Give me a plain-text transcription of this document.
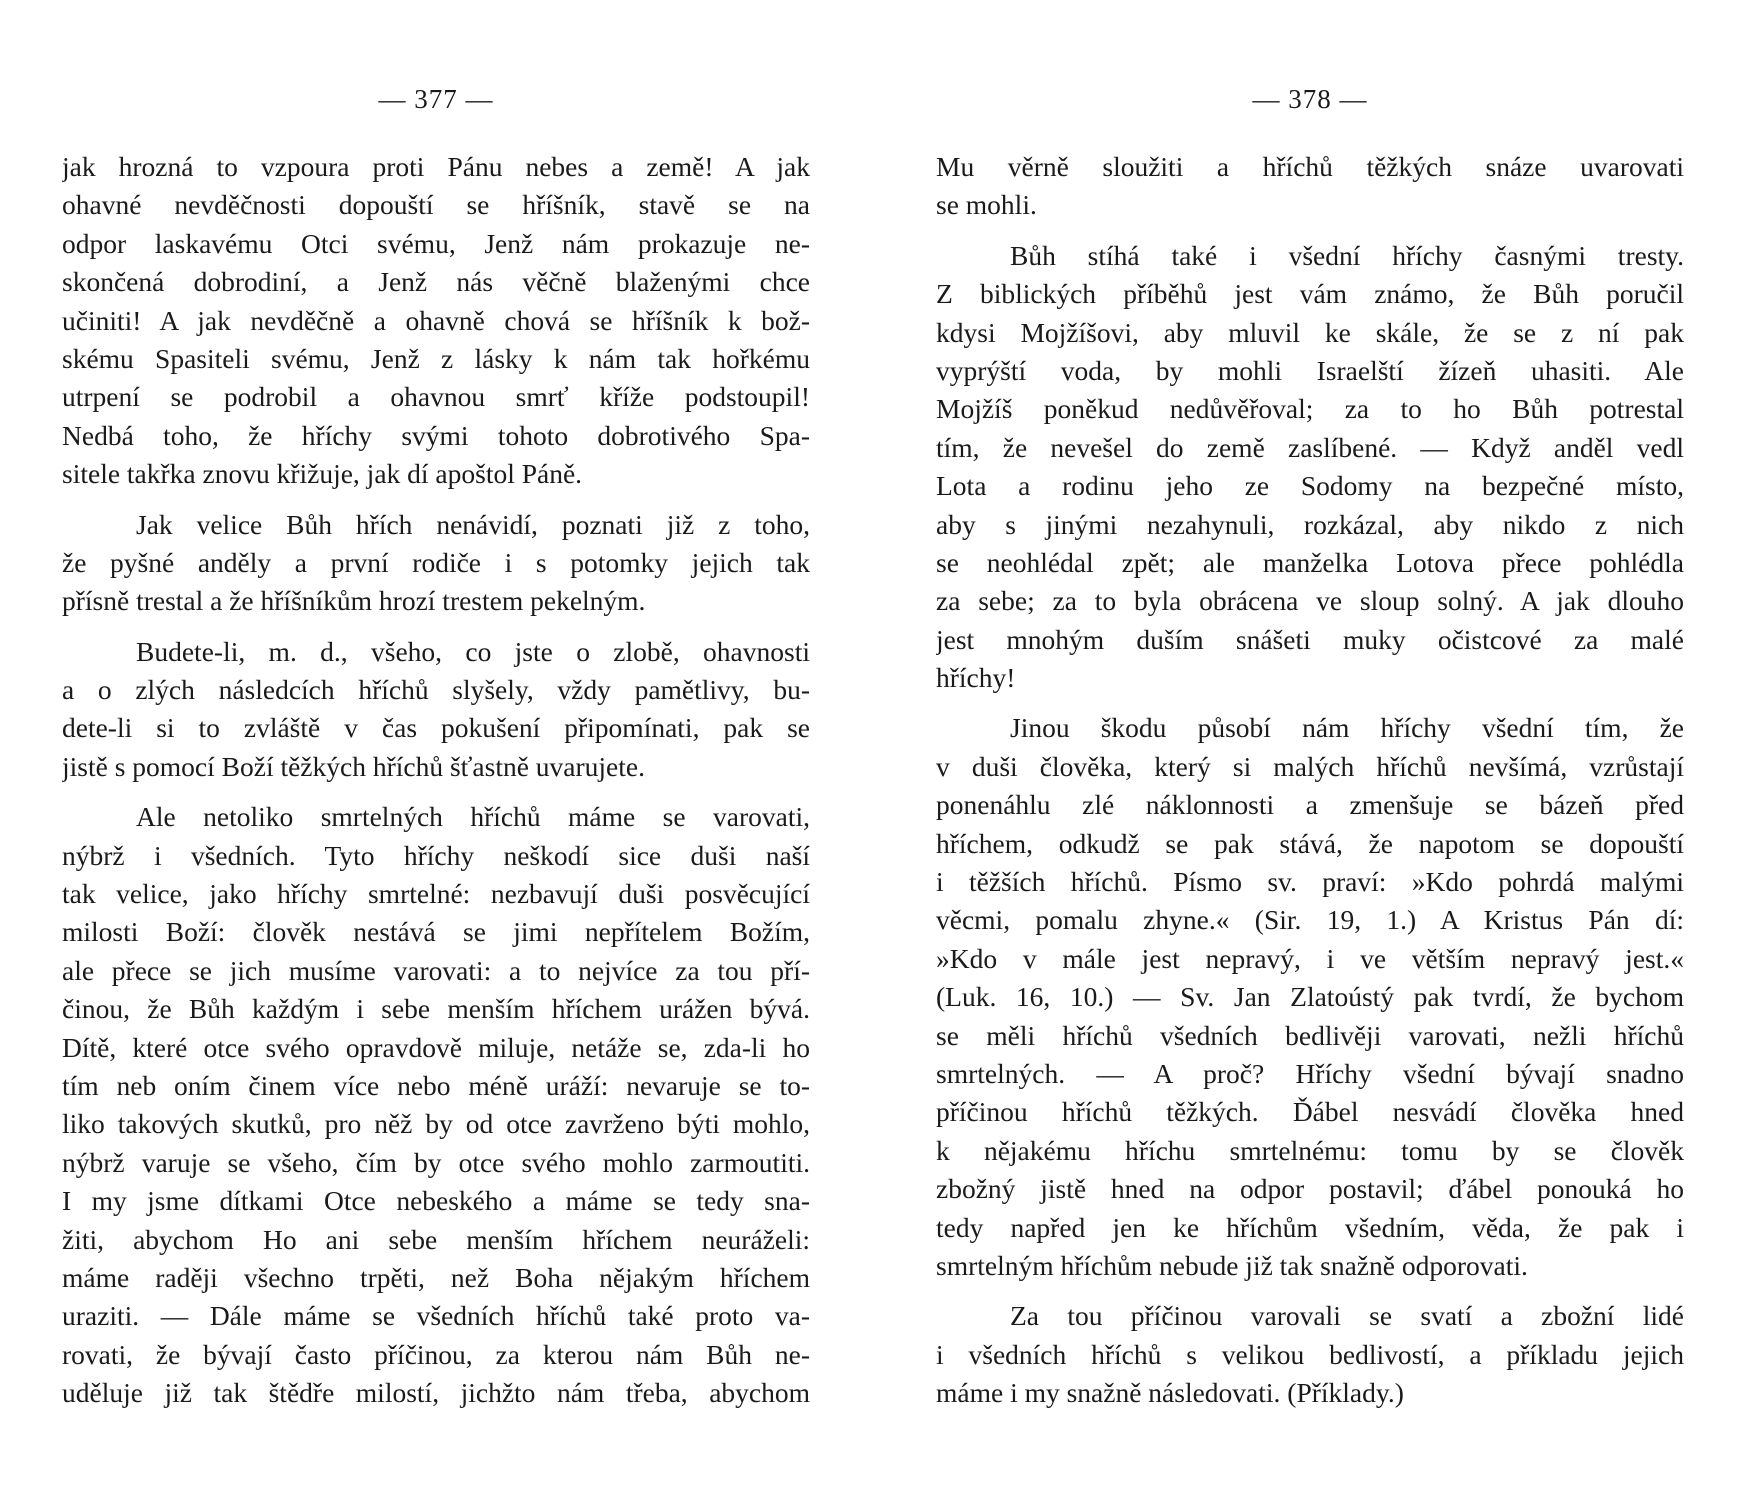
— 377 —
jak hrozná to vzpoura proti Pánu nebes a země! A jak
ohavné nevděčnosti dopouští se hříšník, stavě se na
odpor laskavému Otci svému, Jenž nám prokazuje ne-
skončená dobrodiní, a Jenž nás věčně blaženými chce
učiniti! A jak nevděčně a ohavně chová se hříšník k bož-
skému Spasiteli svému, Jenž z lásky k nám tak hořkému
utrpení se podrobil a ohavnou smrť kříže podstoupil!
Nedbá toho, že hříchy svými tohoto dobrotivého Spa-
sitele takřka znovu křižuje, jak dí apoštol Páně.
Jak velice Bůh hřích nenávidí, poznati již z toho,
že pyšné anděly a první rodiče i s potomky jejich tak
přísně trestal a že hříšníkům hrozí trestem pekelným.
Budete-li, m. d., všeho, co jste o zlobě, ohavnosti
a o zlých následcích hříchů slyšely, vždy pamětlivy, bu-
dete-li si to zvláště v čas pokušení připomínati, pak se
jistě s pomocí Boží těžkých hříchů šťastně uvarujete.
Ale netoliko smrtelných hříchů máme se varovati,
nýbrž i všedních. Tyto hříchy neškodí sice duši naší
tak velice, jako hříchy smrtelné: nezbavují duši posvěcující
milosti Boží: člověk nestává se jimi nepřítelem Božím,
ale přece se jich musíme varovati: a to nejvíce za tou pří-
činou, že Bůh každým i sebe menším hříchem urážen bývá.
Dítě, které otce svého opravdově miluje, netáže se, zda-li ho
tím neb oním činem více nebo méně uráží: nevaruje se to-
liko takových skutků, pro něž by od otce zavrženo býti mohlo,
nýbrž varuje se všeho, čím by otce svého mohlo zarmoutiti.
I my jsme dítkami Otce nebeského a máme se tedy sna-
žiti, abychom Ho ani sebe menším hříchem neuráželi:
máme raději všechno trpěti, než Boha nějakým hříchem
uraziti. — Dále máme se všedních hříchů také proto va-
rovati, že bývají často příčinou, za kterou nám Bůh ne-
uděluje již tak štědře milostí, jichžto nám třeba, abychom
— 378 —
Mu věrně sloužiti a hříchů těžkých snáze uvarovati
se mohli.
Bůh stíhá také i všední hříchy časnými tresty.
Z biblických příběhů jest vám známo, že Bůh poručil
kdysi Mojžíšovi, aby mluvil ke skále, že se z ní pak
vyprýští voda, by mohli Israelští žízeň uhasiti. Ale
Mojžíš poněkud nedůvěřoval; za to ho Bůh potrestal
tím, že nevešel do země zaslíbené. — Když anděl vedl
Lota a rodinu jeho ze Sodomy na bezpečné místo,
aby s jinými nezahynuli, rozkázal, aby nikdo z nich
se neohlédal zpět; ale manželka Lotova přece pohlédla
za sebe; za to byla obrácena ve sloup solný. A jak dlouho
jest mnohým duším snášeti muky očistcové za malé
hříchy!
Jinou škodu působí nám hříchy všední tím, že
v duši člověka, který si malých hříchů nevšímá, vzrůstají
ponenáhlu zlé náklonnosti a zmenšuje se bázeň před
hříchem, odkudž se pak stává, že napotom se dopouští
i těžších hříchů. Písmo sv. praví: »Kdo pohrdá malými
věcmi, pomalu zhyne.« (Sir. 19, 1.) A Kristus Pán dí:
»Kdo v málе jest nepravý, i ve větším nepravý jest.«
(Luk. 16, 10.) — Sv. Jan Zlatoústý pak tvrdí, že bychom
se měli hříchů všedních bedlivěji varovati, nežli hříchů
smrtelných. — A proč? Hříchy všední bývají snadno
příčinou hříchů těžkých. Ďábel nesvádí člověka hned
k nějakému hříchu smrtelnému: tomu by se člověk
zbožný jistě hned na odpor postavil; ďábel ponouká ho
tedy napřed jen ke hříchům všedním, věda, že pak i
smrtelným hříchům nebude již tak snažně odporovati.
Za tou příčinou varovali se svatí a zbožní lidé
i všedních hříchů s velikou bedlivostí, a příkladu jejich
máme i my snažně následovati. (Příklady.)
